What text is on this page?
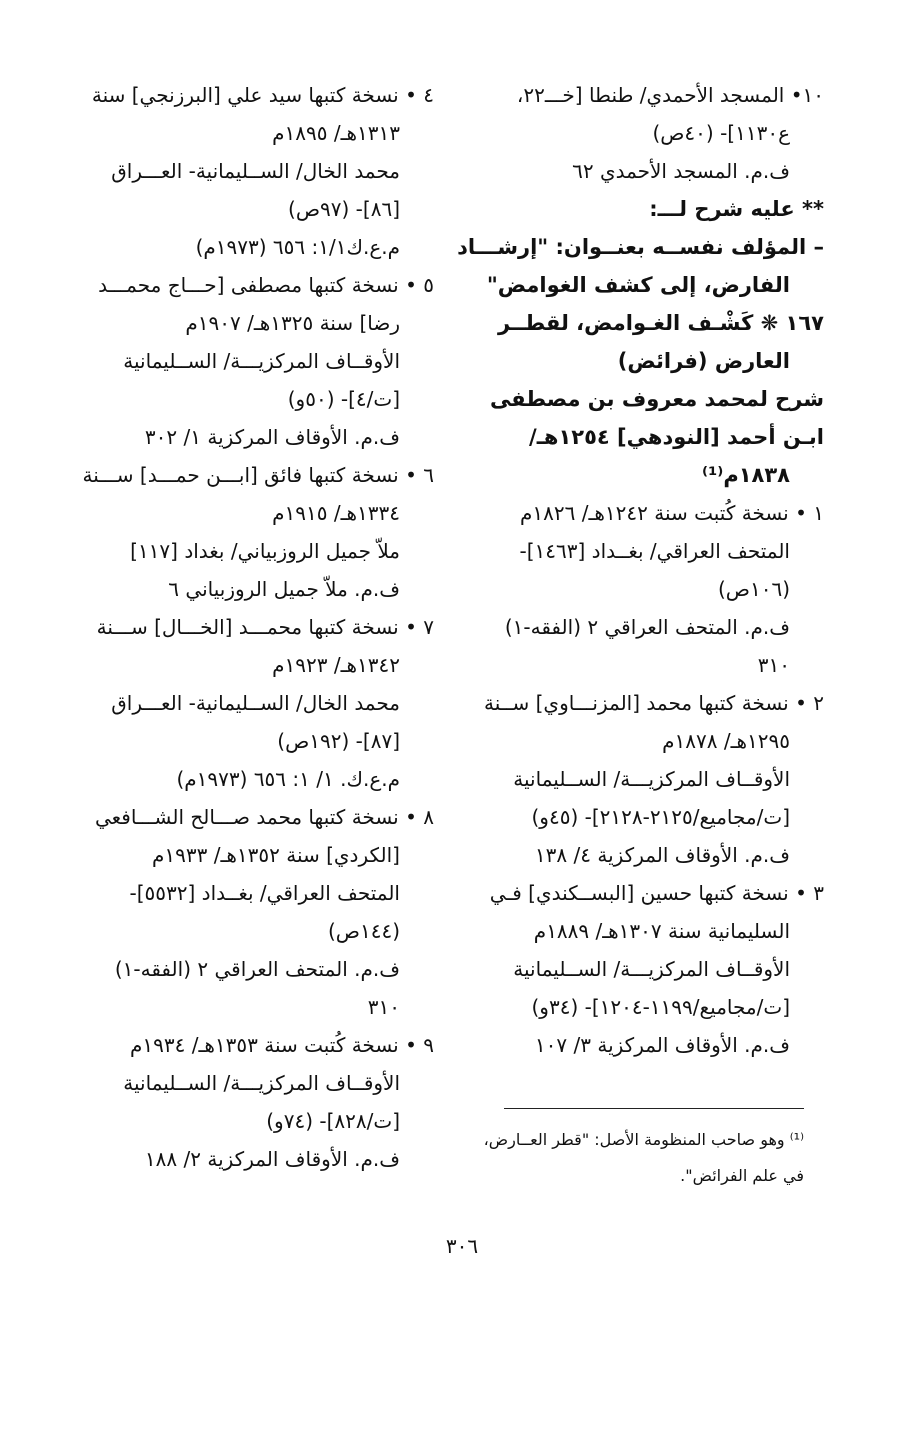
١٠• المسجد الأحمدي/ طنطا [خـــ٢٢،
ع١١٣٠]- (٤٠ص)
ف.م. المسجد الأحمدي ٦٢
** عليه شرح لـــ:
– المؤلف نفســه بعنــوان: "إرشـــاد
الفارض، إلى كشف الغوامض"
١٦٧ ❋ كَشْـف الغـوامض، لقطــر
العارض (فرائض)
شرح لمحمد معروف بن مصطفى
ابـن أحمد [النودهي] ١٢٥٤هـ/
١٨٣٨م⁽¹⁾
١ • نسخة كُتبت سنة ١٢٤٢هـ/ ١٨٢٦م
المتحف العراقي/ بغــداد [١٤٦٣]-
(١٠٦ص)
ف.م. المتحف العراقي ٢ (الفقه-١)
٣١٠
٢ • نسخة كتبها محمد [المزنـــاوي] ســنة
١٢٩٥هـ/ ١٨٧٨م
الأوقــاف المركزيـــة/ الســليمانية
[ت/مجاميع/٢١٢٥-٢١٢٨]- (٤٥و)
ف.م. الأوقاف المركزية ٤/ ١٣٨
٣ • نسخة كتبها حسين [البســكندي] فـي
السليمانية سنة ١٣٠٧هـ/ ١٨٨٩م
الأوقــاف المركزيـــة/ الســليمانية
[ت/مجاميع/١١٩٩-١٢٠٤]- (٣٤و)
ف.م. الأوقاف المركزية ٣/ ١٠٧
٤ • نسخة كتبها سيد علي [البرزنجي] سنة
١٣١٣هـ/ ١٨٩٥م
محمد الخال/ الســليمانية- العـــراق
[٨٦]- (٩٧ص)
م.ع.ك١/١: ٦٥٦ (١٩٧٣م)
٥ • نسخة كتبها مصطفى [حـــاج محمـــد
رضا] سنة ١٣٢٥هـ/ ١٩٠٧م
الأوقــاف المركزيـــة/ الســليمانية
[ت/٤]- (٥٠و)
ف.م. الأوقاف المركزية ١/ ٣٠٢
٦ • نسخة كتبها فائق [ابـــن حمـــد] ســـنة
١٣٣٤هـ/ ١٩١٥م
ملاّ جميل الروزبياني/ بغداد [١١٧]
ف.م. ملاّ جميل الروزبياني ٦
٧ • نسخة كتبها محمـــد [الخـــال] ســـنة
١٣٤٢هـ/ ١٩٢٣م
محمد الخال/ الســليمانية- العـــراق
[٨٧]- (١٩٢ص)
م.ع.ك. ١/ ١: ٦٥٦ (١٩٧٣م)
٨ • نسخة كتبها محمد صـــالح الشـــافعي
[الكردي] سنة ١٣٥٢هـ/ ١٩٣٣م
المتحف العراقي/ بغــداد [٥٥٣٢]-
(١٤٤ص)
ف.م. المتحف العراقي ٢ (الفقه-١)
٣١٠
٩ • نسخة كُتبت سنة ١٣٥٣هـ/ ١٩٣٤م
الأوقــاف المركزيـــة/ الســليمانية
[ت/٨٢٨]- (٧٤و)
ف.م. الأوقاف المركزية ٢/ ١٨٨
⁽¹⁾ وهو صاحب المنظومة الأصل: "قطر العــارض،
في علم الفرائض".
٣٠٦
